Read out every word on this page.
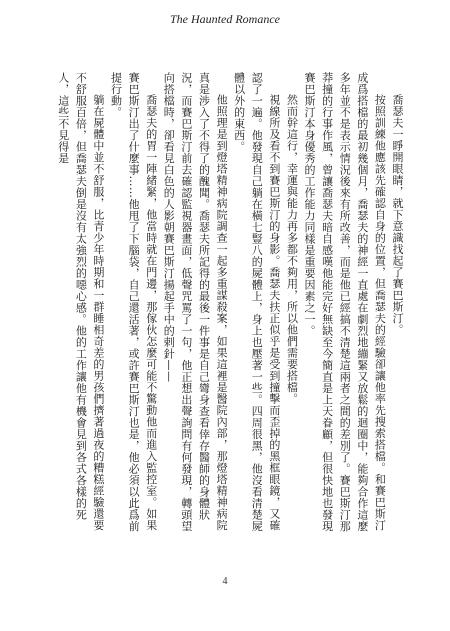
The Haunted Romance

喬瑟夫一睜開眼睛，就下意識找起了賽巴斯汀。

按照訓練他應該先確認自身的位置，但喬瑟夫的經驗卻讓他率先搜索搭檔。和賽巴斯汀成爲搭檔的最初幾個月，喬瑟夫的神經一直處在劇烈地繃緊又放鬆的迴圈中，能夠合作這麼多年並不是表示情況後來有所改善，而是他已經搞不清楚這兩者之間的差別了。賽巴斯汀那莽撞的行事作風，曾讓喬瑟夫暗自感嘆他能完好無缺至今簡直是上天眷顧，但很快地也發現賽巴斯汀本身優秀的工作能力同樣是重要因素之一。

然而幹這行，幸運與能力再多都不夠用，所以他們需要搭檔。

視線所及看不到賽巴斯汀的身影。喬瑟夫扶正似乎是受到撞擊而歪掉的黑框眼鏡，又確認了一遍。他發現自己躺在橫七豎八的屍體上，身上也壓著一些。四周很黑，他沒看清楚屍體以外的東西。

他照理是到燈塔精神病院調查一起多重謀殺案，如果這裡是醫院內部，那燈塔精神病院真是涉入了不得了的醜聞。喬瑟夫所記得的最後一件事是自己彎身查看倖存醫師的身體狀況，而賽巴斯汀前去確認監視器畫面，低聲咒罵了一句，他正想出聲詢問有何發現，轉頭望向搭檔時，卻看見白色的人影朝賽巴斯汀揚起手中的剌針——

喬瑟夫的胃一陣緒緊，他當時就在門邊，那傢伙怎麼可能不驚動他而進入監控室。如果賽巴斯汀出了什麼事……他甩了下腦袋，自己還活著，或許賽巴斯汀也是，他必須以此爲前提行動。

躺在屍體中並不舒服，比青少年時期和一群睡相奇差的男孩們擠著過夜的糟糕經驗還要不舒服百倍，但喬瑟夫倒是沒有太強烈的噁心感。他的工作讓他有機會見到各式各樣的死人，這些不見得是

4
